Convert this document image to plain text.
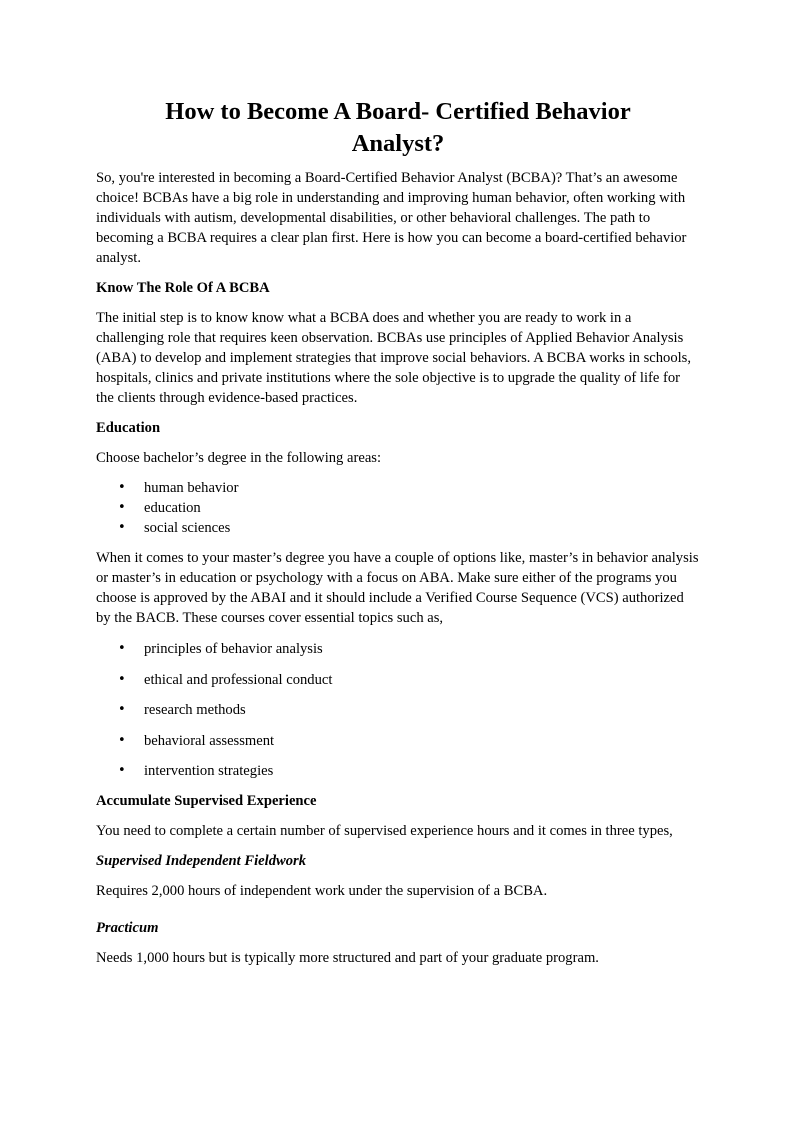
How to Become A Board- Certified Behavior Analyst?

So, you're interested in becoming a Board-Certified Behavior Analyst (BCBA)? That’s an awesome choice! BCBAs have a big role in understanding and improving human behavior, often working with individuals with autism, developmental disabilities, or other behavioral challenges. The path to becoming a BCBA requires a clear plan first. Here is how you can become a board-certified behavior analyst.

Know The Role Of A BCBA

The initial step is to know know what a BCBA does and whether you are ready to work in a challenging role that requires keen observation. BCBAs use principles of Applied Behavior Analysis (ABA) to develop and implement strategies that improve social behaviors. A BCBA works in schools, hospitals, clinics and private institutions where the sole objective is to upgrade the quality of life for the clients through evidence-based practices.

Education

Choose bachelor’s degree in the following areas:

• human behavior
• education
• social sciences

When it comes to your master’s degree you have a couple of options like, master’s in behavior analysis or master’s in education or psychology with a focus on ABA. Make sure either of the programs you choose is approved by the ABAI and it should include a Verified Course Sequence (VCS) authorized by the BACB. These courses cover essential topics such as,

• principles of behavior analysis
• ethical and professional conduct
• research methods
• behavioral assessment
• intervention strategies
Accumulate Supervised Experience

You need to complete a certain number of supervised experience hours and it comes in three types,

Supervised Independent Fieldwork

Requires 2,000 hours of independent work under the supervision of a BCBA.

Practicum

Needs 1,000 hours but is typically more structured and part of your graduate program.
